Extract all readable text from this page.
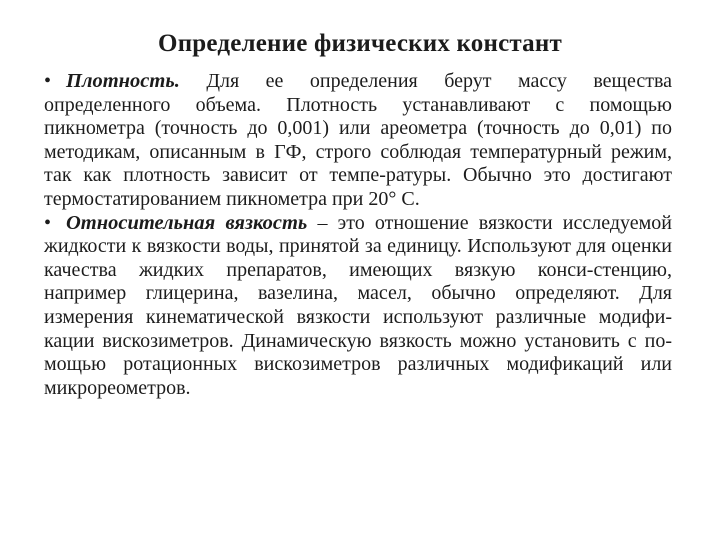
Определение физических констант

• Плотность. Для ее определения берут массу вещества определенного объема. Плотность устанавливают с помощью пикнометра (точность до 0,001) или ареометра (точность до 0,01) по методикам, описанным в ГФ, строго соблюдая температурный режим, так как плотность зависит от темпе-ратуры. Обычно это достигают термостатированием пикнометра при 20° С.

• Относительная вязкость – это отношение вязкости исследуемой жидкости к вязкости воды, принятой за единицу. Используют для оценки качества жидких препаратов, имеющих вязкую конси-стенцию, например глицерина, вазелина, масел, обычно определяют. Для измерения кинематической вязкости используют различные модифи-кации вискозиметров. Динамическую вязкость можно установить с по-мощью ротационных вискозиметров различных модификаций или микрореометров.
